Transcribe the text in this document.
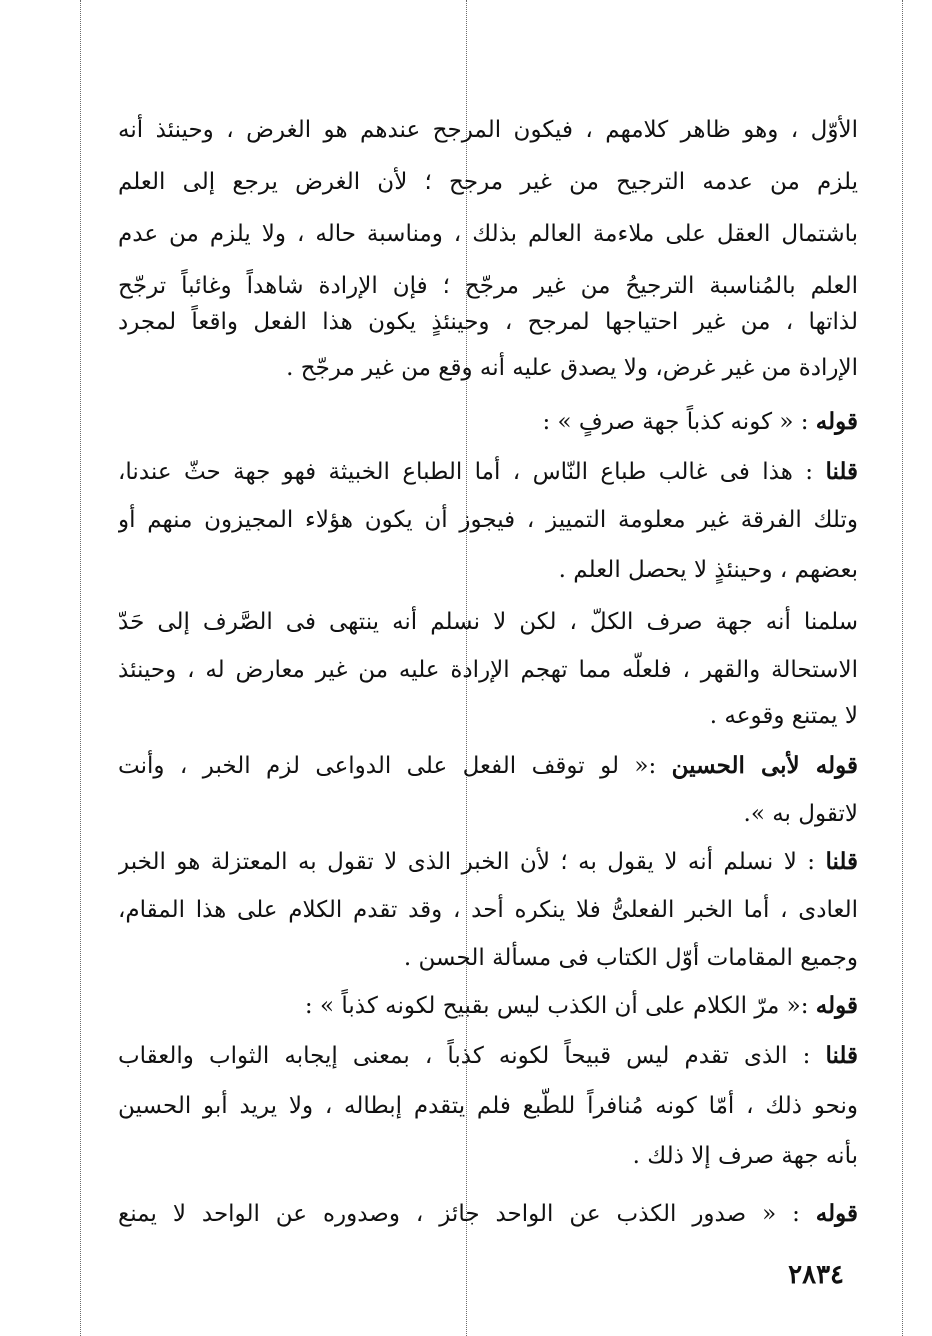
الأوّل ، وهو ظاهر كلامهم ، فيكون المرجح عندهم هو الغرض ، وحينئذ أنه
يلزم من عدمه الترجيح من غير مرجح ؛ لأن الغرض يرجع إلى العلم
باشتمال العقل على ملاءمة العالم بذلك ، ومناسبة حاله ، ولا يلزم من عدم
العلم بالمُناسبة الترجيحُ من غير مرجّح ؛ فإن الإرادة شاهداً وغائباً ترجّح
لذاتها ، من غير احتياجها لمرجح ، وحينئذٍ يكون هذا الفعل واقعاً لمجرد
الإرادة من غير غرض، ولا يصدق عليه أنه وقع من غير مرجّح .
قوله : « كونه كذباً جهة صرفٍ » :
قلنا : هذا فى غالب طباع النّاس ، أما الطباع الخبيثة فهو جهة حثّ عندنا،
وتلك الفرقة غير معلومة التمييز ، فيجوز أن يكون هؤلاء المجيزون منهم أو
بعضهم ، وحينئذٍ لا يحصل العلم .
سلمنا أنه جهة صرف الكلّ ، لكن لا نسلم أنه ينتهى فى الصَّرف إلى حَدّ
الاستحالة والقهر ، فلعلّه مما تهجم الإرادة عليه من غير معارض له ، وحينئذ
لا يمتنع وقوعه .
قوله لأبى الحسين :« لو توقف الفعل على الدواعى لزم الخبر ، وأنت
لاتقول به ».
قلنا : لا نسلم أنه لا يقول به ؛ لأن الخبر الذى لا تقول به المعتزلة هو الخبر
العادى ، أما الخبر الفعلىُّ فلا ينكره أحد ، وقد تقدم الكلام على هذا المقام،
وجميع المقامات أوّل الكتاب فى مسألة الحسن .
قوله :« مرّ الكلام على أن الكذب ليس بقبيح لكونه كذباً » :
قلنا : الذى تقدم ليس قبيحاً لكونه كذباً ، بمعنى إيجابه الثواب والعقاب
ونحو ذلك ، أمّا كونه مُنافراً للطّبع فلم يتقدم إبطاله ، ولا يريد أبو الحسين
بأنه جهة صرف إلا ذلك .
قوله : « صدور الكذب عن الواحد جائز ، وصدوره عن الواحد لا يمنع
٢٨٣٤
